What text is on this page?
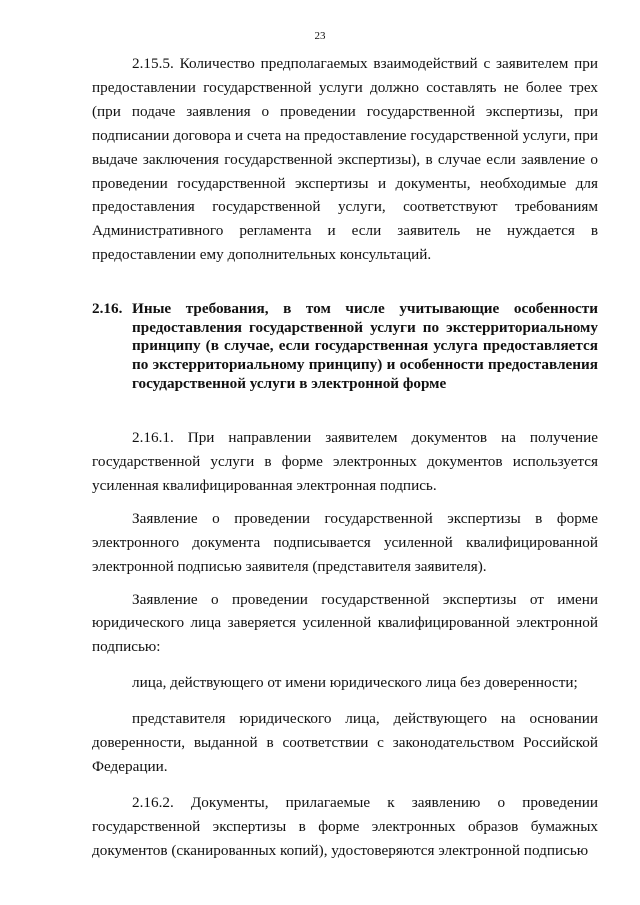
23

2.15.5. Количество предполагаемых взаимодействий с заявителем при предоставлении государственной услуги должно составлять не более трех (при подаче заявления о проведении государственной экспертизы, при подписании договора и счета на предоставление государственной услуги, при выдаче заключения государственной экспертизы), в случае если заявление о проведении государственной экспертизы и документы, необходимые для предоставления государственной услуги, соответствуют требованиям Административного регламента и если заявитель не нуждается в предоставлении ему дополнительных консультаций.

2.16. Иные требования, в том числе учитывающие особенности предоставления государственной услуги по экстерриториальному принципу (в случае, если государственная услуга предоставляется по экстерриториальному принципу) и особенности предоставления государственной услуги в электронной форме

2.16.1. При направлении заявителем документов на получение государственной услуги в форме электронных документов используется усиленная квалифицированная электронная подпись.

Заявление о проведении государственной экспертизы в форме электронного документа подписывается усиленной квалифицированной электронной подписью заявителя (представителя заявителя).

Заявление о проведении государственной экспертизы от имени юридического лица заверяется усиленной квалифицированной электронной подписью:

лица, действующего от имени юридического лица без доверенности;

представителя юридического лица, действующего на основании доверенности, выданной в соответствии с законодательством Российской Федерации.

2.16.2. Документы, прилагаемые к заявлению о проведении государственной экспертизы в форме электронных образов бумажных документов (сканированных копий), удостоверяются электронной подписью
